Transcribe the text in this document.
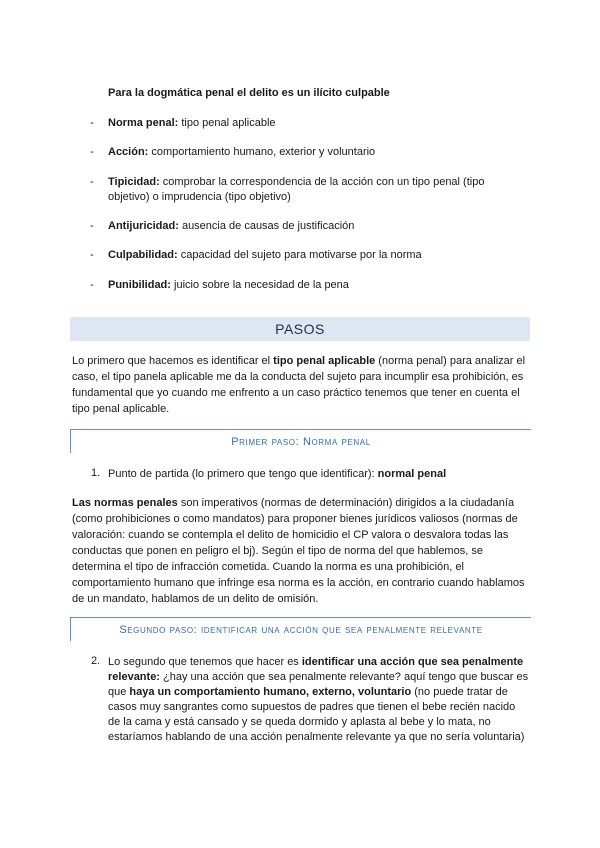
Para la dogmática penal el delito es un ilícito culpable
- Norma penal: tipo penal aplicable
- Acción: comportamiento humano, exterior y voluntario
- Tipicidad: comprobar la correspondencia de la acción con un tipo penal (tipo objetivo) o imprudencia (tipo objetivo)
- Antijuricidad: ausencia de causas de justificación
- Culpabilidad: capacidad del sujeto para motivarse por la norma
- Punibilidad: juicio sobre la necesidad de la pena
PASOS
Lo primero que hacemos es identificar el tipo penal aplicable (norma penal) para analizar el caso, el tipo panela aplicable me da la conducta del sujeto para incumplir esa prohibición, es fundamental que yo cuando me enfrento a un caso práctico tenemos que tener en cuenta el tipo penal aplicable.
Primer paso: Norma penal
1. Punto de partida (lo primero que tengo que identificar): normal penal
Las normas penales son imperativos (normas de determinación) dirigidos a la ciudadanía (como prohibiciones o como mandatos) para proponer bienes jurídicos valiosos (normas de valoración: cuando se contempla el delito de homicidio el CP valora o desvalora todas las conductas que ponen en peligro el bj). Según el tipo de norma del que hablemos, se determina el tipo de infracción cometida. Cuando la norma es una prohibición, el comportamiento humano que infringe esa norma es la acción, en contrario cuando hablamos de un mandato, hablamos de un delito de omisión.
Segundo paso: identificar una acción que sea penalmente relevante
2. Lo segundo que tenemos que hacer es identificar una acción que sea penalmente relevante: ¿hay una acción que sea penalmente relevante? aquí tengo que buscar es que haya un comportamiento humano, externo, voluntario (no puede tratar de casos muy sangrantes como supuestos de padres que tienen el bebe recién nacido de la cama y está cansado y se queda dormido y aplasta al bebe y lo mata, no estaríamos hablando de una acción penalmente relevante ya que no sería voluntaria)
